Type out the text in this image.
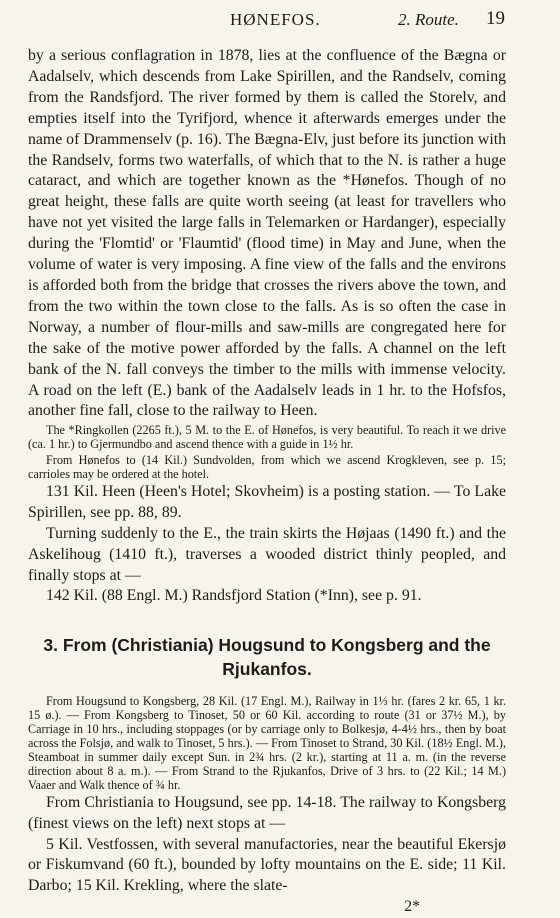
HØNEFOS.	2. Route. 19

by a serious conflagration in 1878, lies at the confluence of the Bægna or Aadalselv, which descends from Lake Spirillen, and the Randselv, coming from the Randsfjord. The river formed by them is called the Storelv, and empties itself into the Tyrifjord, whence it afterwards emerges under the name of Drammenselv (p. 16). The Bægna-Elv, just before its junction with the Randselv, forms two waterfalls, of which that to the N. is rather a huge cataract, and which are together known as the *Hønefos. Though of no great height, these falls are quite worth seeing (at least for travellers who have not yet visited the large falls in Telemarken or Hardanger), especially during the 'Flomtid' or 'Flaumtid' (flood time) in May and June, when the volume of water is very imposing. A fine view of the falls and the environs is afforded both from the bridge that crosses the rivers above the town, and from the two within the town close to the falls. As is so often the case in Norway, a number of flour-mills and saw-mills are congregated here for the sake of the motive power afforded by the falls. A channel on the left bank of the N. fall conveys the timber to the mills with immense velocity. A road on the left (E.) bank of the Aadalselv leads in 1 hr. to the Hofsfos, another fine fall, close to the railway to Heen.

The *Ringkollen (2265 ft.), 5 M. to the E. of Hønefos, is very beautiful. To reach it we drive (ca. 1 hr.) to Gjermundbo and ascend thence with a guide in 1½ hr.

From Hønefos to (14 Kil.) Sundvolden, from which we ascend Krogkleven, see p. 15; carrioles may be ordered at the hotel.

131 Kil. Heen (Heen's Hotel; Skovheim) is a posting station. — To Lake Spirillen, see pp. 88, 89.

Turning suddenly to the E., the train skirts the Højaas (1490 ft.) and the Askelihoug (1410 ft.), traverses a wooded district thinly peopled, and finally stops at —

142 Kil. (88 Engl. M.) Randsfjord Station (*Inn), see p. 91.

3. From (Christiania) Hougsund to Kongsberg and the Rjukanfos.

From Hougsund to Kongsberg, 28 Kil. (17 Engl. M.), Railway in 1⅓ hr. (fares 2 kr. 65, 1 kr. 15 ø.). — From Kongsberg to Tinoset, 50 or 60 Kil. according to route (31 or 37½ M.), by Carriage in 10 hrs., including stoppages (or by carriage only to Bolkesjø, 4-4½ hrs., then by boat across the Folsjø, and walk to Tinoset, 5 hrs.). — From Tinoset to Strand, 30 Kil. (18½ Engl. M.), Steamboat in summer daily except Sun. in 2¾ hrs. (2 kr.), starting at 11 a. m. (in the reverse direction about 8 a. m.). — From Strand to the Rjukanfos, Drive of 3 hrs. to (22 Kil.; 14 M.) Vaaer and Walk thence of ¾ hr.

From Christiania to Hougsund, see pp. 14-18. The railway to Kongsberg (finest views on the left) next stops at —

5 Kil. Vestfossen, with several manufactories, near the beautiful Ekersjø or Fiskumvand (60 ft.), bounded by lofty mountains on the E. side; 11 Kil. Darbo; 15 Kil. Krekling, where the slate-

2*
